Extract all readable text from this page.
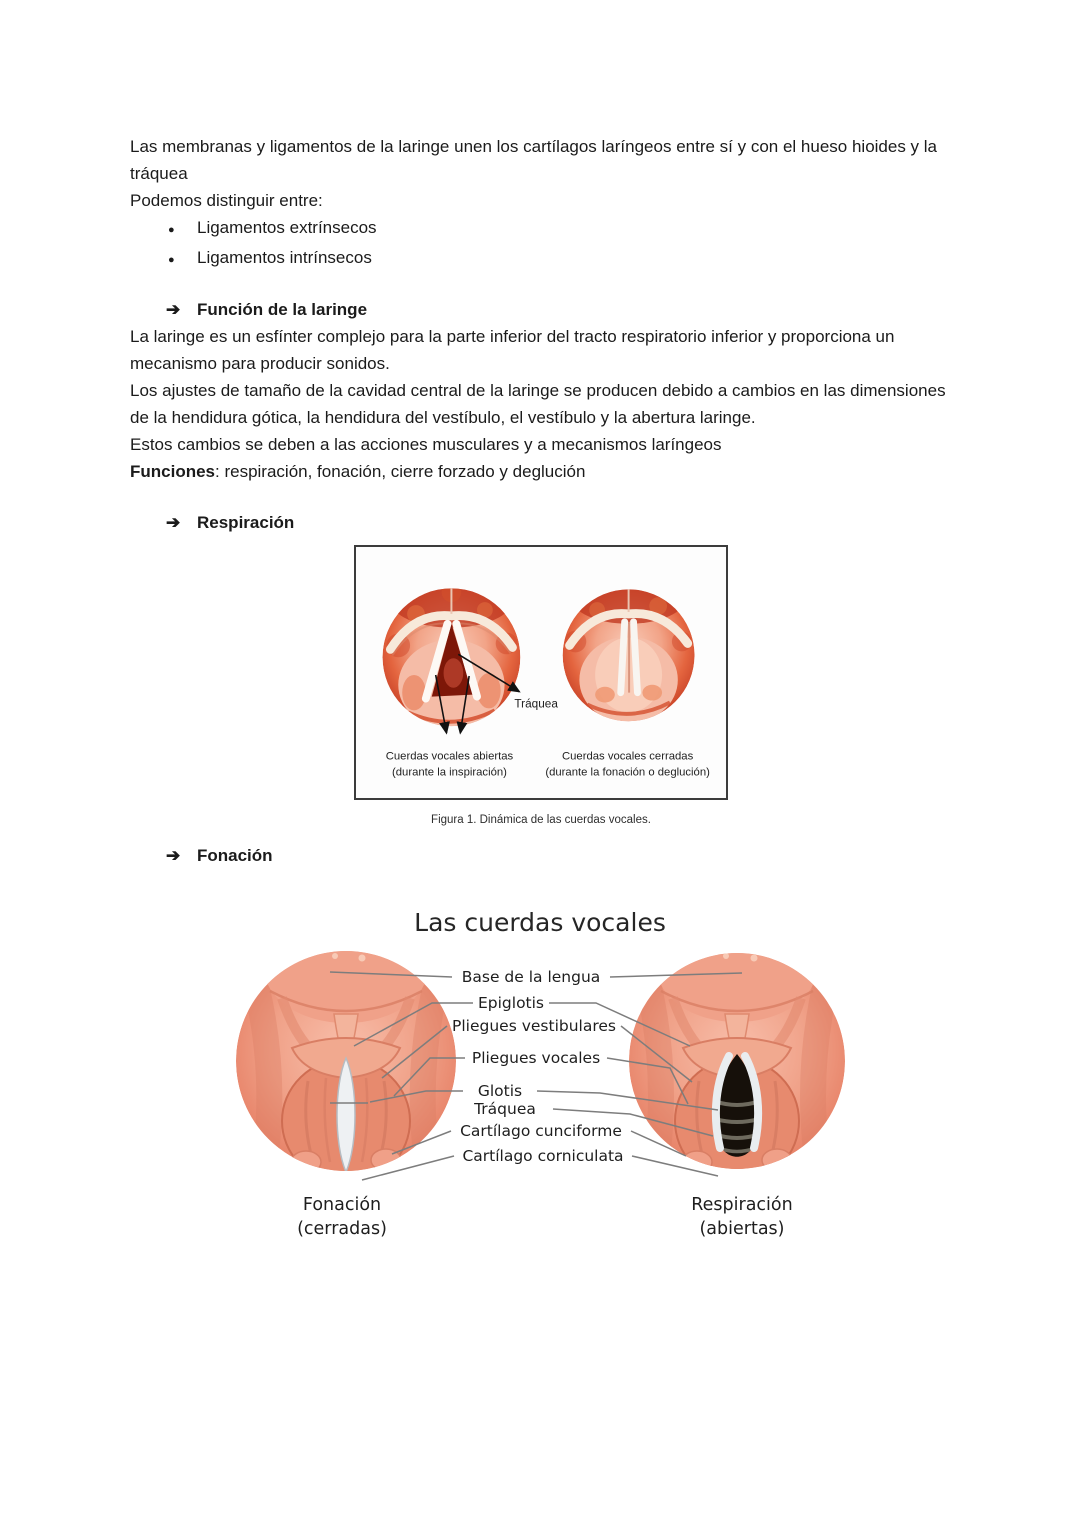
Las membranas y ligamentos de la laringe unen los cartílagos laríngeos entre sí y con el hueso hioides y la tráquea

Podemos distinguir entre:

●	Ligamentos extrínsecos
●	Ligamentos intrínsecos
➔ Función de la laringe

La laringe es un esfínter complejo para la parte inferior del tracto respiratorio inferior y proporciona un mecanismo para producir sonidos.

Los ajustes de tamaño de la cavidad central de la laringe se producen debido a cambios en las dimensiones de la hendidura gótica, la hendidura del vestíbulo, el vestíbulo y la abertura laringe.

Estos cambios se deben a las acciones musculares y a mecanismos laríngeos

Funciones: respiración, fonación, cierre forzado y deglución

➔ Respiración
Tráquea
Cuerdas vocales abiertas
(durante la inspiración)
Cuerdas vocales cerradas
(durante la fonación o deglución)
Figura 1. Dinámica de las cuerdas vocales.
➔ Fonación
Las cuerdas vocales
Base de la lengua
Epiglotis
Pliegues vestibulares
Pliegues vocales
Glotis
Tráquea
Cartílago cunciforme
Cartílago corniculata
Fonación
(cerradas)
Respiración
(abiertas)
